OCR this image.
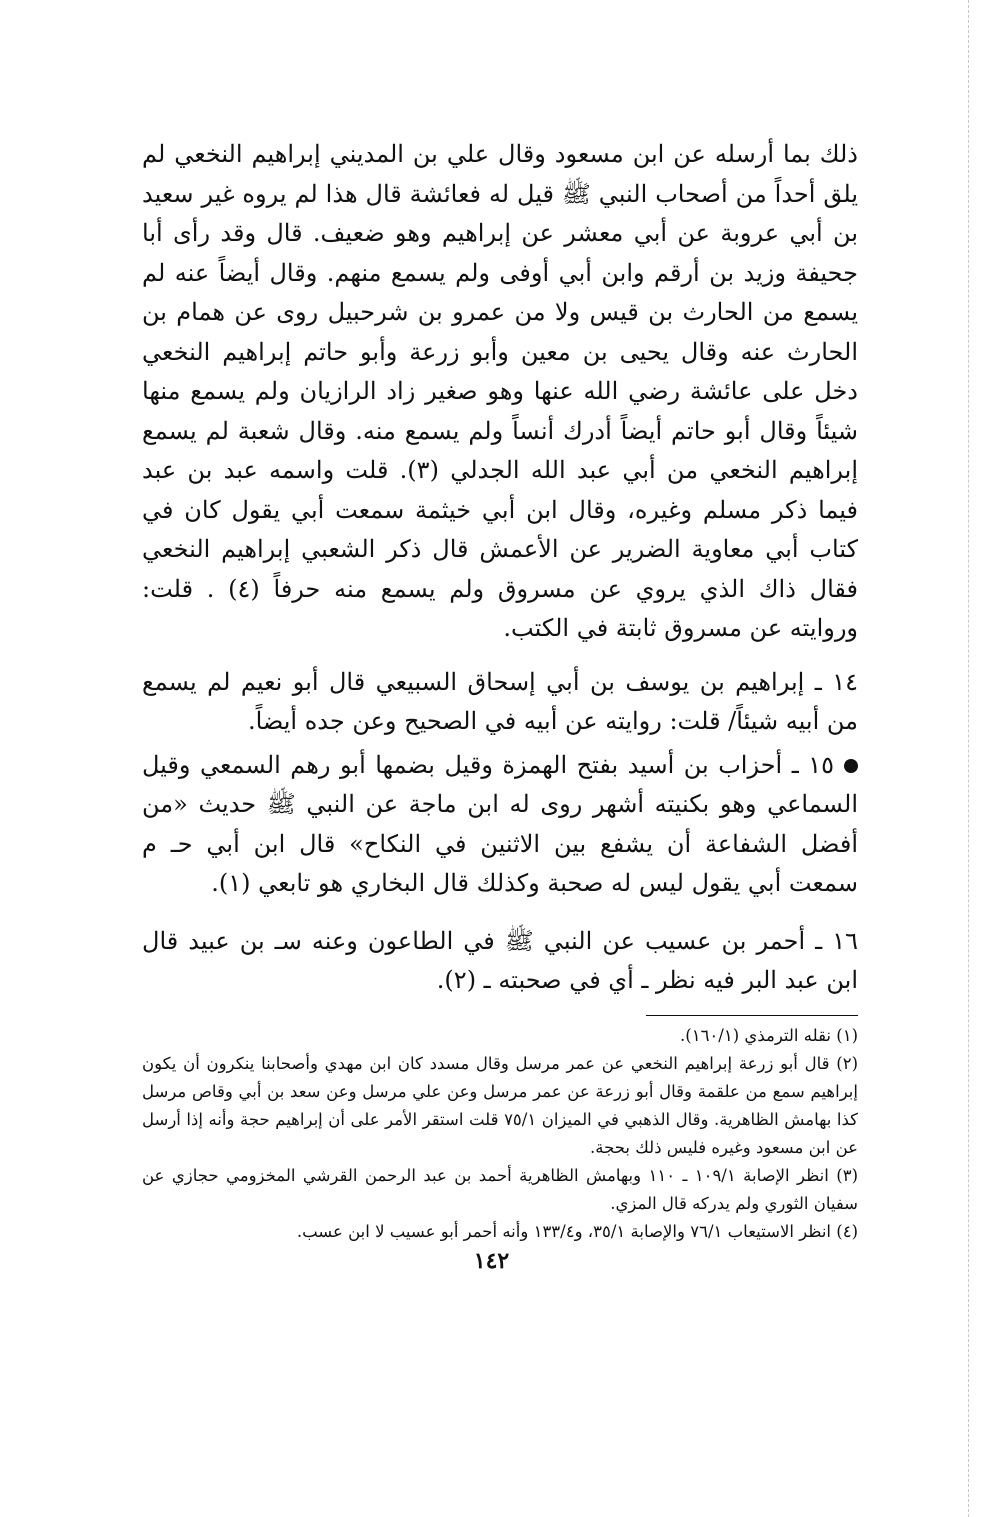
ذلك بما أرسله عن ابن مسعود وقال علي بن المديني إبراهيم النخعي لم يلق أحداً من أصحاب النبي ﷺ قيل له فعائشة قال هذا لم يروه غير سعيد بن أبي عروبة عن أبي معشر عن إبراهيم وهو ضعيف. قال وقد رأى أبا جحيفة وزيد بن أرقم وابن أبي أوفى ولم يسمع منهم. وقال أيضاً عنه لم يسمع من الحارث بن قيس ولا من عمرو بن شرحبيل روى عن همام بن الحارث عنه وقال يحيى بن معين وأبو زرعة وأبو حاتم إبراهيم النخعي دخل على عائشة رضي الله عنها وهو صغير زاد الرازيان ولم يسمع منها شيئاً وقال أبو حاتم أيضاً أدرك أنساً ولم يسمع منه. وقال شعبة لم يسمع إبراهيم النخعي من أبي عبد الله الجدلي (٣). قلت واسمه عبد بن عبد فيما ذكر مسلم وغيره، وقال ابن أبي خيثمة سمعت أبي يقول كان في كتاب أبي معاوية الضرير عن الأعمش قال ذكر الشعبي إبراهيم النخعي فقال ذاك الذي يروي عن مسروق ولم يسمع منه حرفاً (٤) . قلت: وروايته عن مسروق ثابتة في الكتب.

١٤ ـ إبراهيم بن يوسف بن أبي إسحاق السبيعي قال أبو نعيم لم يسمع من أبيه شيئاً/ قلت: روايته عن أبيه في الصحيح وعن جده أيضاً.

١٥ ـ أحزاب بن أسيد بفتح الهمزة وقيل بضمها أبو رهم السمعي وقيل السماعي وهو بكنيته أشهر روى له ابن ماجة عن النبي ﷺ حديث «من أفضل الشفاعة أن يشفع بين الاثنين في النكاح» قال ابن أبي حـ م سمعت أبي يقول ليس له صحبة وكذلك قال البخاري هو تابعي (١).

١٦ ـ أحمر بن عسيب عن النبي ﷺ في الطاعون وعنه سـ بن عبيد قال ابن عبد البر فيه نظر ـ أي في صحبته ـ (٢).

(١) نقله الترمذي (١٦٠/١).

(٢) قال أبو زرعة إبراهيم النخعي عن عمر مرسل وقال مسدد كان ابن مهدي وأصحابنا ينكرون أن يكون إبراهيم سمع من علقمة وقال أبو زرعة عن عمر مرسل وعن علي مرسل وعن سعد بن أبي وقاص مرسل كذا بهامش الظاهرية. وقال الذهبي في الميزان ٧٥/١ قلت استقر الأمر على أن إبراهيم حجة وأنه إذا أرسل عن ابن مسعود وغيره فليس ذلك بحجة.

(٣) انظر الإصابة ١٠٩/١ ـ ١١٠ وبهامش الظاهرية أحمد بن عبد الرحمن القرشي المخزومي حجازي عن سفيان الثوري ولم يدركه قال المزي.

(٤) انظر الاستيعاب ٧٦/١ والإصابة ٣٥/١، و١٣٣/٤ وأنه أحمر أبو عسيب لا ابن عسب.

١٤٢
